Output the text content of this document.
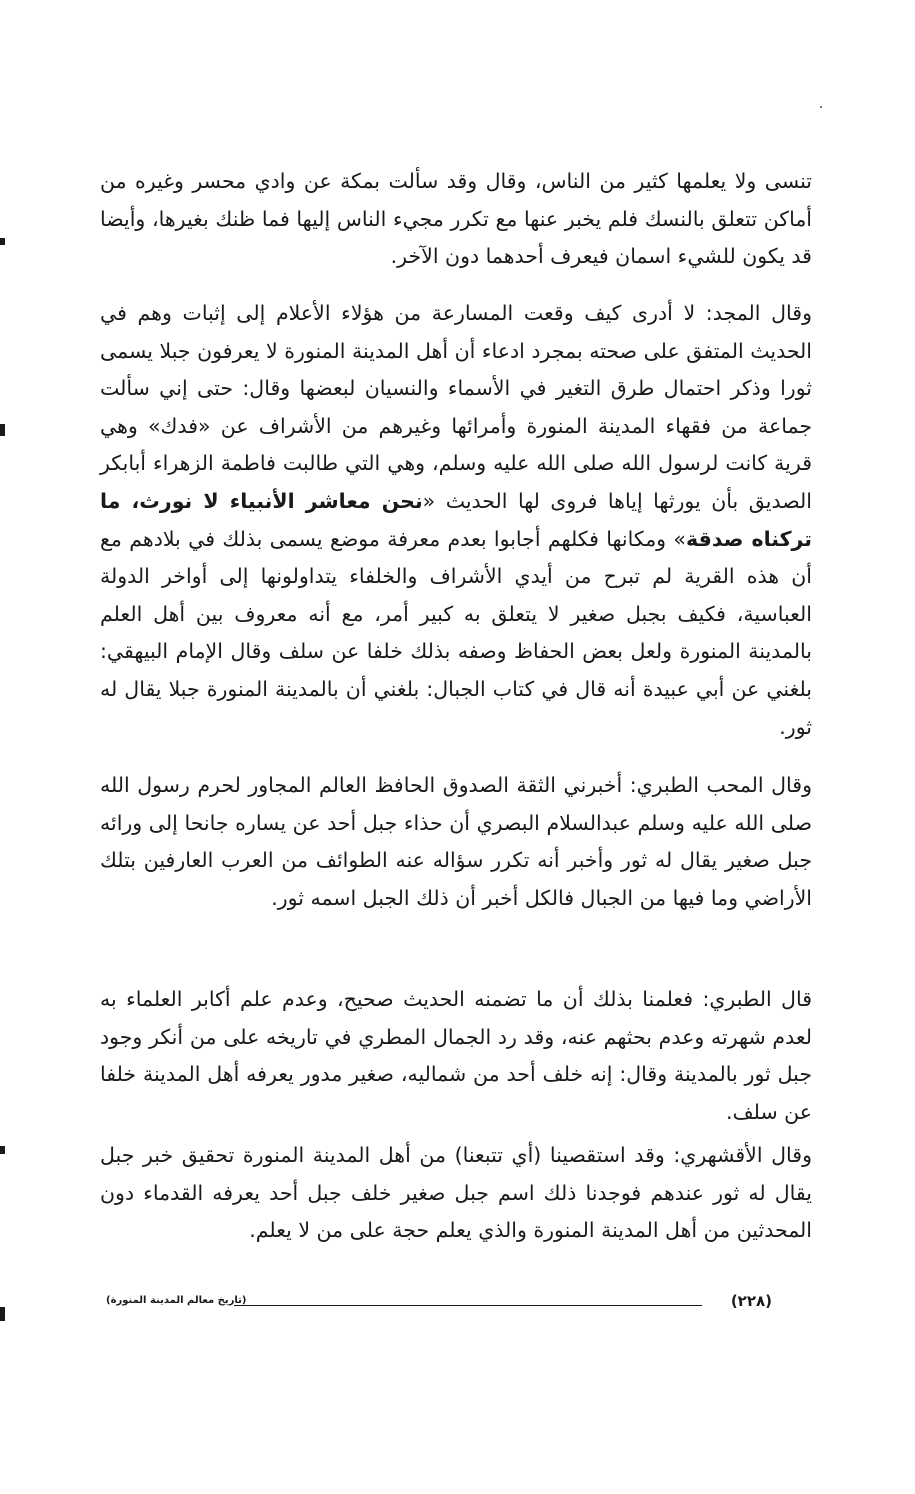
تنسى ولا يعلمها كثير من الناس، وقال وقد سألت بمكة عن وادي محسر وغيره من أماكن تتعلق بالنسك فلم يخبر عنها مع تكرر مجيء الناس إليها فما ظنك بغيرها، وأيضا قد يكون للشيء اسمان فيعرف أحدهما دون الآخر.

وقال المجد: لا أدرى كيف وقعت المسارعة من هؤلاء الأعلام إلى إثبات وهم في الحديث المتفق على صحته بمجرد ادعاء أن أهل المدينة المنورة لا يعرفون جبلا يسمى ثورا وذكر احتمال طرق التغير في الأسماء والنسيان لبعضها وقال: حتى إني سألت جماعة من فقهاء المدينة المنورة وأمرائها وغيرهم من الأشراف عن «فدك» وهي قرية كانت لرسول الله صلى الله عليه وسلم، وهي التي طالبت فاطمة الزهراء أبابكر الصديق بأن يورثها إياها فروى لها الحديث «نحن معاشر الأنبياء لا نورث، ما تركناه صدقة» ومكانها فكلهم أجابوا بعدم معرفة موضع يسمى بذلك في بلادهم مع أن هذه القرية لم تبرح من أيدي الأشراف والخلفاء يتداولونها إلى أواخر الدولة العباسية، فكيف بجبل صغير لا يتعلق به كبير أمر، مع أنه معروف بين أهل العلم بالمدينة المنورة ولعل بعض الحفاظ وصفه بذلك خلفا عن سلف وقال الإمام البيهقي: بلغني عن أبي عبيدة أنه قال في كتاب الجبال: بلغني أن بالمدينة المنورة جبلا يقال له ثور.

وقال المحب الطبري: أخبرني الثقة الصدوق الحافظ العالم المجاور لحرم رسول الله صلى الله عليه وسلم عبدالسلام البصري أن حذاء جبل أحد عن يساره جانحا إلى ورائه جبل صغير يقال له ثور وأخبر أنه تكرر سؤاله عنه الطوائف من العرب العارفين بتلك الأراضي وما فيها من الجبال فالكل أخبر أن ذلك الجبل اسمه ثور.

قال الطبري: فعلمنا بذلك أن ما تضمنه الحديث صحيح، وعدم علم أكابر العلماء به لعدم شهرته وعدم بحثهم عنه، وقد رد الجمال المطري في تاريخه على من أنكر وجود جبل ثور بالمدينة وقال: إنه خلف أحد من شماليه، صغير مدور يعرفه أهل المدينة خلفا عن سلف.

وقال الأقشهري: وقد استقصينا (أي تتبعنا) من أهل المدينة المنورة تحقيق خبر جبل يقال له ثور عندهم فوجدنا ذلك اسم جبل صغير خلف جبل أحد يعرفه القدماء دون المحدثين من أهل المدينة المنورة والذي يعلم حجة على من لا يعلم.

(٢٢٨)
(تاريخ معالم المدينة المنورة)
